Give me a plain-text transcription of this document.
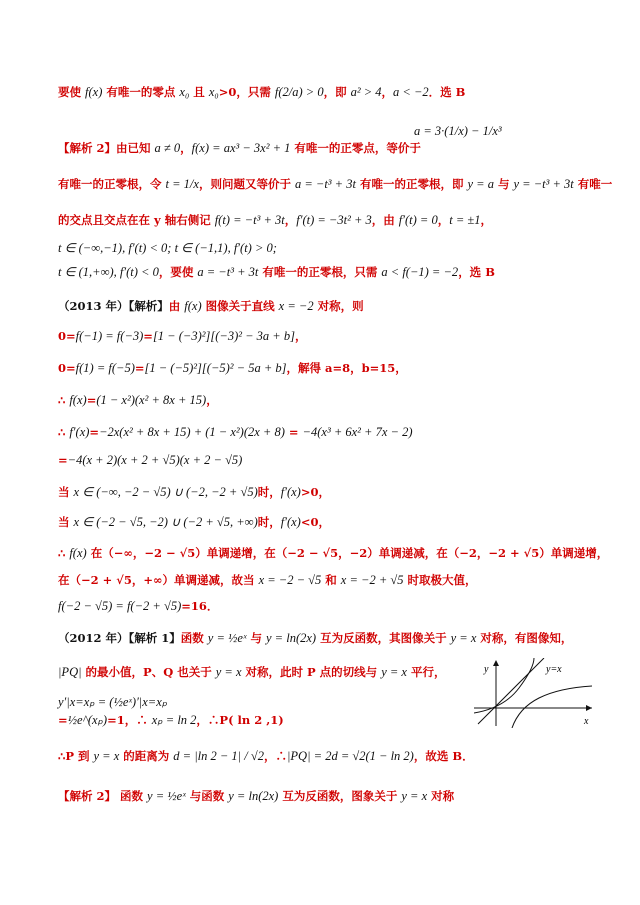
要使 f(x) 有唯一的零点 x₀ 且 x₀>0，只需 f(2/a) > 0，即 a² > 4，a < −2．选 B
【解析 2】由已知 a ≠ 0，f(x) = ax³ − 3x² + 1 有唯一的正零点，等价于
a = 3·(1/x) − 1/x³
有唯一的正零根，令 t = 1/x，则问题又等价于 a = −t³ + 3t 有唯一的正零根，即 y = a 与 y = −t³ + 3t 有唯一
的交点且交点在在 y 轴右侧记 f(t) = −t³ + 3t，f′(t) = −3t² + 3，由 f′(t) = 0，t = ±1，
t ∈ (−∞,−1), f′(t) < 0; t ∈ (−1,1), f′(t) > 0;
t ∈ (1,+∞), f′(t) < 0，要使 a = −t³ + 3t 有唯一的正零根，只需 a < f(−1) = −2，选 B
（2013 年）【解析】由 f(x) 图像关于直线 x = −2 对称，则
0=f(−1) = f(−3)=[1 − (−3)²][(−3)² − 3a + b]，
0=f(1) = f(−5)=[1 − (−5)²][(−5)² − 5a + b]，解得 a=8，b=15，
∴ f(x)=(1 − x²)(x² + 8x + 15)，
∴ f′(x)=−2x(x² + 8x + 15) + (1 − x²)(2x + 8) = −4(x³ + 6x² + 7x − 2)
=−4(x + 2)(x + 2 + √5)(x + 2 − √5)
当 x ∈ (−∞, −2 − √5) ∪ (−2, −2 + √5)时，f′(x)>0，
当 x ∈ (−2 − √5, −2) ∪ (−2 + √5, +∞)时，f′(x)<0，
∴ f(x) 在（−∞，−2 − √5）单调递增，在（−2 − √5，−2）单调递减，在（−2，−2 + √5）单调递增，
在（−2 + √5，+∞）单调递减，故当 x = −2 − √5 和 x = −2 + √5 时取极大值，
f(−2 − √5) = f(−2 + √5)=16．
（2012 年）【解析 1】函数 y = ½eˣ 与 y = ln(2x) 互为反函数，其图像关于 y = x 对称，有图像知，
|PQ| 的最小值，P、Q 也关于 y = x 对称，此时 P 点的切线与 y = x 平行，
y′|x=xₚ = (½eˣ)′|x=xₚ
=½e^(xₚ)=1，∴ xₚ = ln 2，∴P( ln 2 ,1)
∴P 到 y = x 的距离为 d = |ln 2 − 1| / √2，∴|PQ| = 2d = √2(1 − ln 2)，故选 B．
【解析 2】 函数 y = ½eˣ 与函数 y = ln(2x) 互为反函数，图象关于 y = x 对称
y
x
y=x
